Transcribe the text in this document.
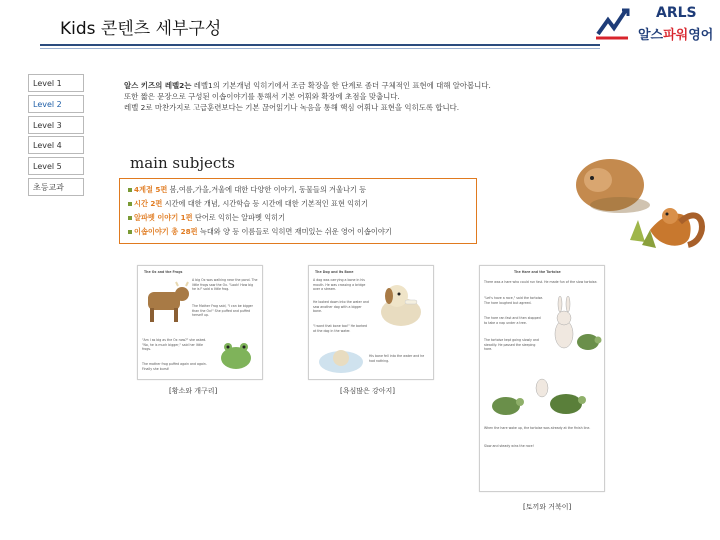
Kids 콘텐츠 세부구성
ARLS
알스파워영어
Level 1
Level 2
Level 3
Level 4
Level 5
초등교과
알스 키즈의 레벨2는 레벨1의 기본개념 익히기에서 조금 확장을 한 단계로 좀더 구체적인 표현에 대해 알아봅니다.
또한 짧은 문장으로 구성된 이솝이야기를 통해서 기본 어휘와 확장에 초점을 맞춥니다.
레벨 2로 마찬가지로 고급훈련보다는 기본 끊어읽기나 녹음을 통해 핵심 어휘나 표현을 익히도록 합니다.
main subjects
4계절 5편 봄,여름,가을,겨울에 대한 다양한 이야기, 동물들의 겨울나기 등
시간 2편 시간에 대한 개념, 시간학습 등 시간에 대한 기본적인 표현 익히기
알파벳 이야기 1편 단어로 익히는 알파벳 익히기
이솝이야기 총 28편 늑대와 양 등 이름들로 익히면 재미있는 쉬운 영어 이솝이야기
The Ox and the Frogs
A big Ox was walking near the pond. The little frogs saw the Ox. "Look! How big he is!" said a little frog.
The Mother Frog said, "I can be bigger than the Ox!" She puffed and puffed herself up.
"Am I as big as the Ox now?" she asked. "No, he is much bigger," said her little frogs.
The mother frog puffed again and again. Finally she burst!
[황소와 개구리]
The Dog and its Bone
A dog was carrying a bone in his mouth. He was crossing a bridge over a stream.
He looked down into the water and saw another dog with a bigger bone.
"I want that bone too!" He barked at the dog in the water.
His bone fell into the water and he had nothing.
[욕심많은 강아지]
The Hare and the Tortoise
There was a hare who could run fast. He made fun of the slow tortoise.
"Let's have a race," said the tortoise. The hare laughed but agreed.
The hare ran fast and then stopped to take a nap under a tree.
The tortoise kept going slowly and steadily. He passed the sleeping hare.
When the hare woke up, the tortoise was already at the finish line.
Slow and steady wins the race!
[토끼와 거북이]
